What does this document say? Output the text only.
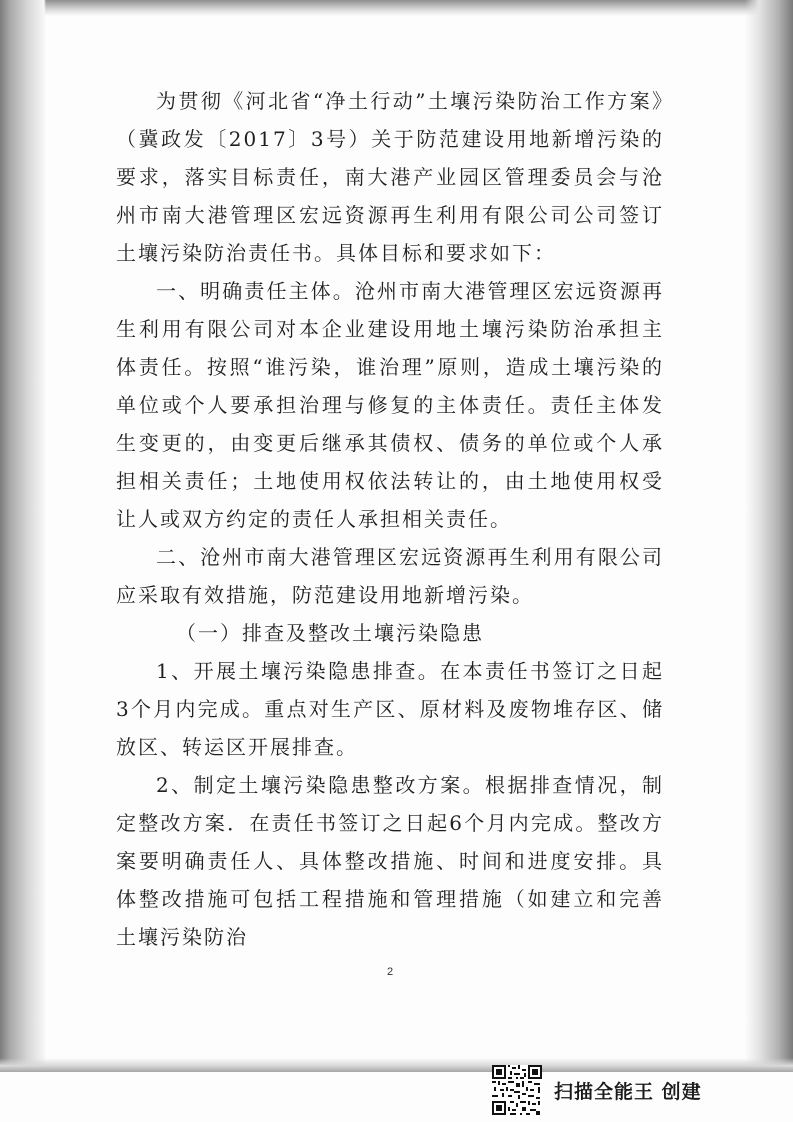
为贯彻《河北省“净土行动”土壤污染防治工作方案》（冀政发〔2017〕3号）关于防范建设用地新增污染的要求，落实目标责任，南大港产业园区管理委员会与沧州市南大港管理区宏远资源再生利用有限公司公司签订土壤污染防治责任书。具体目标和要求如下：

一、明确责任主体。沧州市南大港管理区宏远资源再生利用有限公司对本企业建设用地土壤污染防治承担主体责任。按照“谁污染，谁治理”原则，造成土壤污染的单位或个人要承担治理与修复的主体责任。责任主体发生变更的，由变更后继承其债权、债务的单位或个人承担相关责任；土地使用权依法转让的，由土地使用权受让人或双方约定的责任人承担相关责任。

二、沧州市南大港管理区宏远资源再生利用有限公司应采取有效措施，防范建设用地新增污染。

（一）排查及整改土壤污染隐患

1、开展土壤污染隐患排查。在本责任书签订之日起3个月内完成。重点对生产区、原材料及废物堆存区、储放区、转运区开展排查。

2、制定土壤污染隐患整改方案。根据排查情况，制定整改方案．在责任书签订之日起6个月内完成。整改方案要明确责任人、具体整改措施、时间和进度安排。具体整改措施可包括工程措施和管理措施（如建立和完善土壤污染防治

2
扫描全能王 创建
